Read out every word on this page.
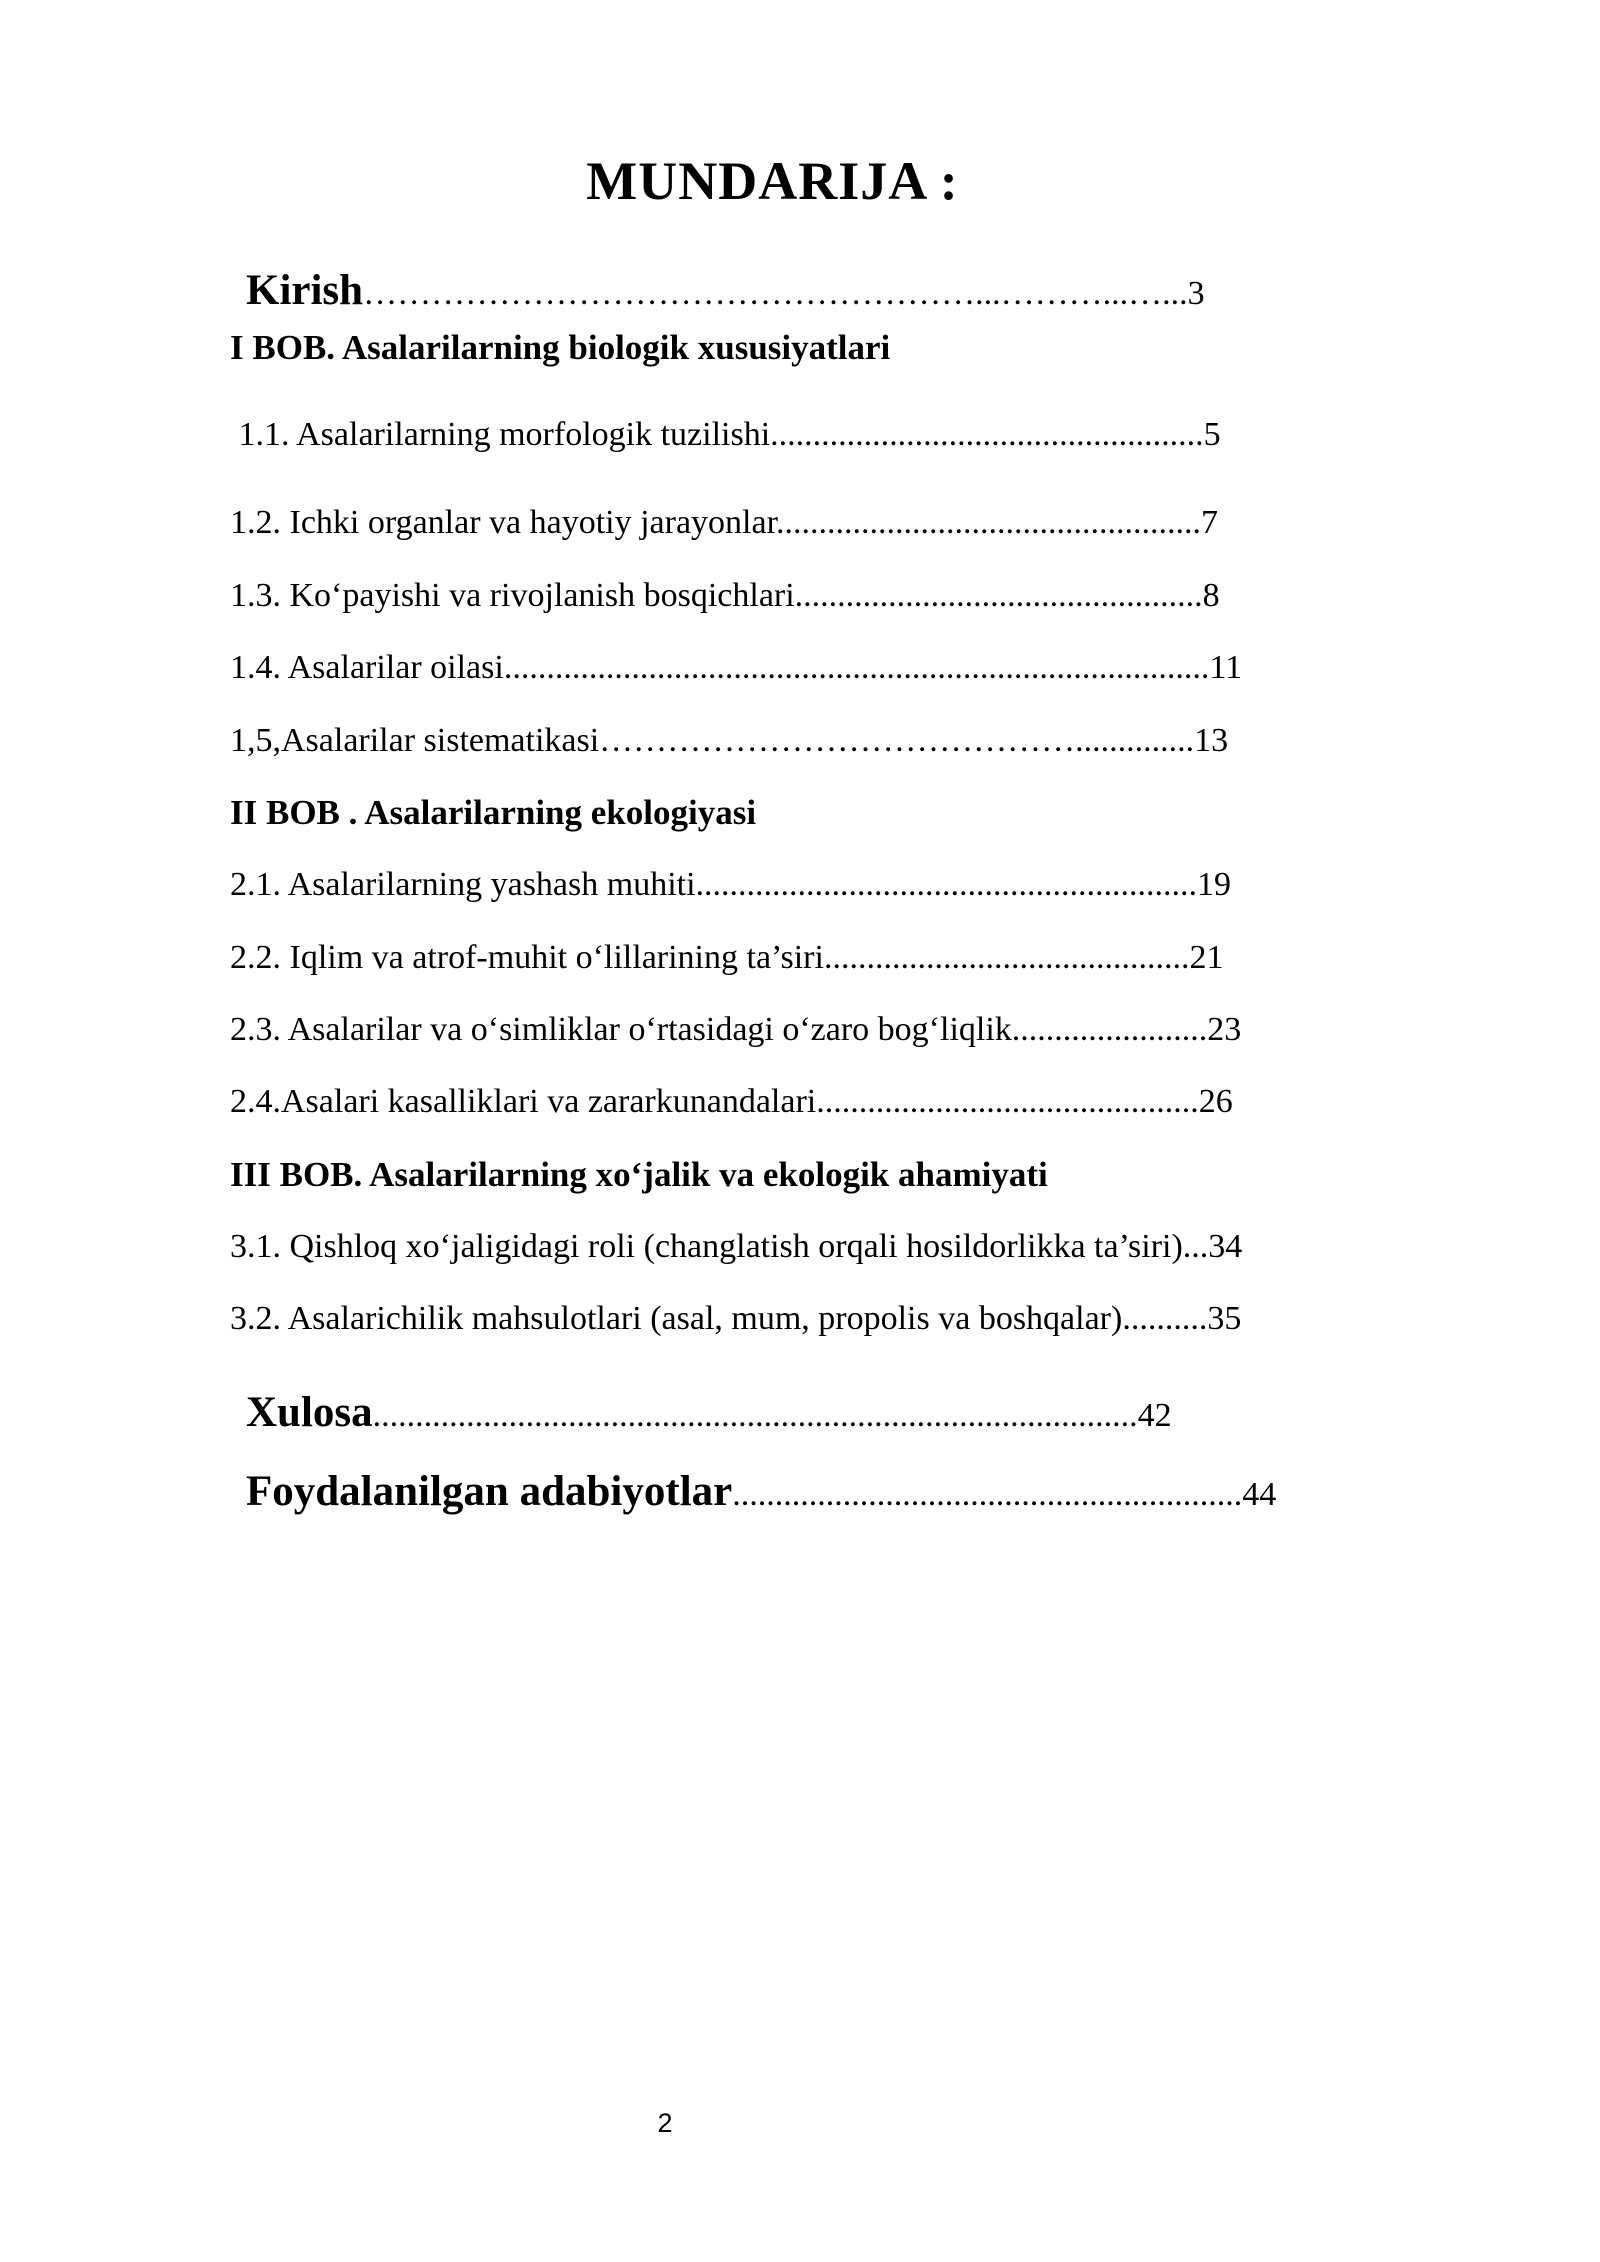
MUNDARIJA :

Kirish………………………………………………...………...…...3

I BOB. Asalarilarning biologik xususiyatlari
1.1. Asalarilarning morfologik tuzilishi...................................................5
1.2. Ichki organlar va hayotiy jarayonlar..................................................7
1.3. Ko‘payishi va rivojlanish bosqichlari................................................8
1.4. Asalarilar oilasi...................................................................................11
1,5,Asalarilar sistematikasi……………………………………..............13
II BOB . Asalarilarning ekologiyasi
2.1. Asalarilarning yashash muhiti...........................................................19
2.2. Iqlim va atrof-muhit o‘lillarining ta’siri...........................................21
2.3. Asalarilar va o‘simliklar o‘rtasidagi o‘zaro bog‘liqlik.......................23
2.4.Asalari kasalliklari va zararkunandalari.............................................26
III BOB. Asalarilarning xo‘jalik va ekologik ahamiyati
3.1. Qishloq xo‘jaligidagi roli (changlatish orqali hosildorlikka ta’siri)...34
3.2. Asalarichilik mahsulotlari (asal, mum, propolis va boshqalar)..........35

Xulosa..........................................................................................42

Foydalanilgan adabiyotlar............................................................44

2
